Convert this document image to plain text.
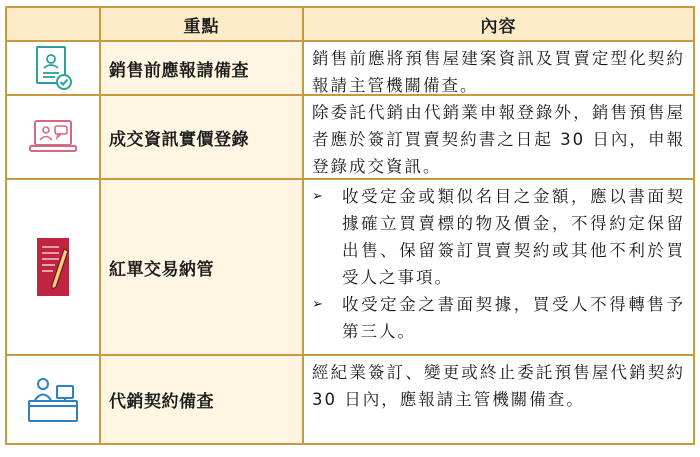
重點	內容
銷售前應報請備查
銷售前應將預售屋建案資訊及買賣定型化契約報請主管機關備查。
成交資訊實價登錄
除委託代銷由代銷業申報登錄外，銷售預售屋者應於簽訂買賣契約書之日起 30 日內，申報登錄成交資訊。
紅單交易納管
➢ 收受定金或類似名目之金額，應以書面契據確立買賣標的物及價金，不得約定保留出售、保留簽訂買賣契約或其他不利於買受人之事項。
➢ 收受定金之書面契據，買受人不得轉售予第三人。
代銷契約備查
經紀業簽訂、變更或終止委託預售屋代銷契約 30 日內，應報請主管機關備查。
